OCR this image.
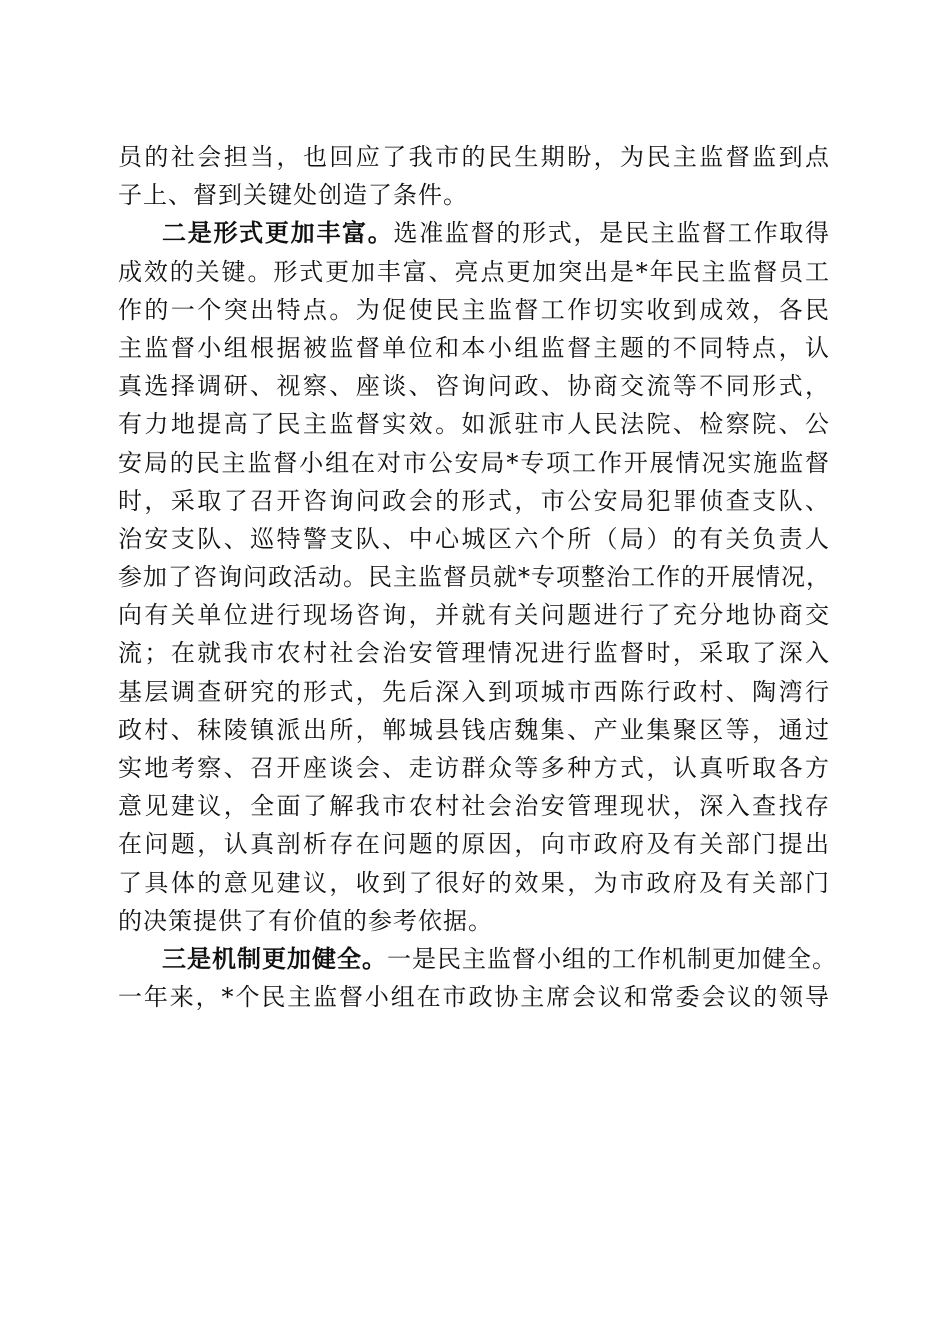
员的社会担当，也回应了我市的民生期盼，为民主监督监到点
子上、督到关键处创造了条件。
二是形式更加丰富。选准监督的形式，是民主监督工作取得
成效的关键。形式更加丰富、亮点更加突出是*年民主监督员工
作的一个突出特点。为促使民主监督工作切实收到成效，各民
主监督小组根据被监督单位和本小组监督主题的不同特点，认
真选择调研、视察、座谈、咨询问政、协商交流等不同形式，
有力地提高了民主监督实效。如派驻市人民法院、检察院、公
安局的民主监督小组在对市公安局*专项工作开展情况实施监督
时，采取了召开咨询问政会的形式，市公安局犯罪侦查支队、
治安支队、巡特警支队、中心城区六个所（局）的有关负责人
参加了咨询问政活动。民主监督员就*专项整治工作的开展情况，
向有关单位进行现场咨询，并就有关问题进行了充分地协商交
流；在就我市农村社会治安管理情况进行监督时，采取了深入
基层调查研究的形式，先后深入到项城市西陈行政村、陶湾行
政村、秣陵镇派出所，郸城县钱店魏集、产业集聚区等，通过
实地考察、召开座谈会、走访群众等多种方式，认真听取各方
意见建议，全面了解我市农村社会治安管理现状，深入查找存
在问题，认真剖析存在问题的原因，向市政府及有关部门提出
了具体的意见建议，收到了很好的效果，为市政府及有关部门
的决策提供了有价值的参考依据。
三是机制更加健全。一是民主监督小组的工作机制更加健全。
一年来，*个民主监督小组在市政协主席会议和常委会议的领导
